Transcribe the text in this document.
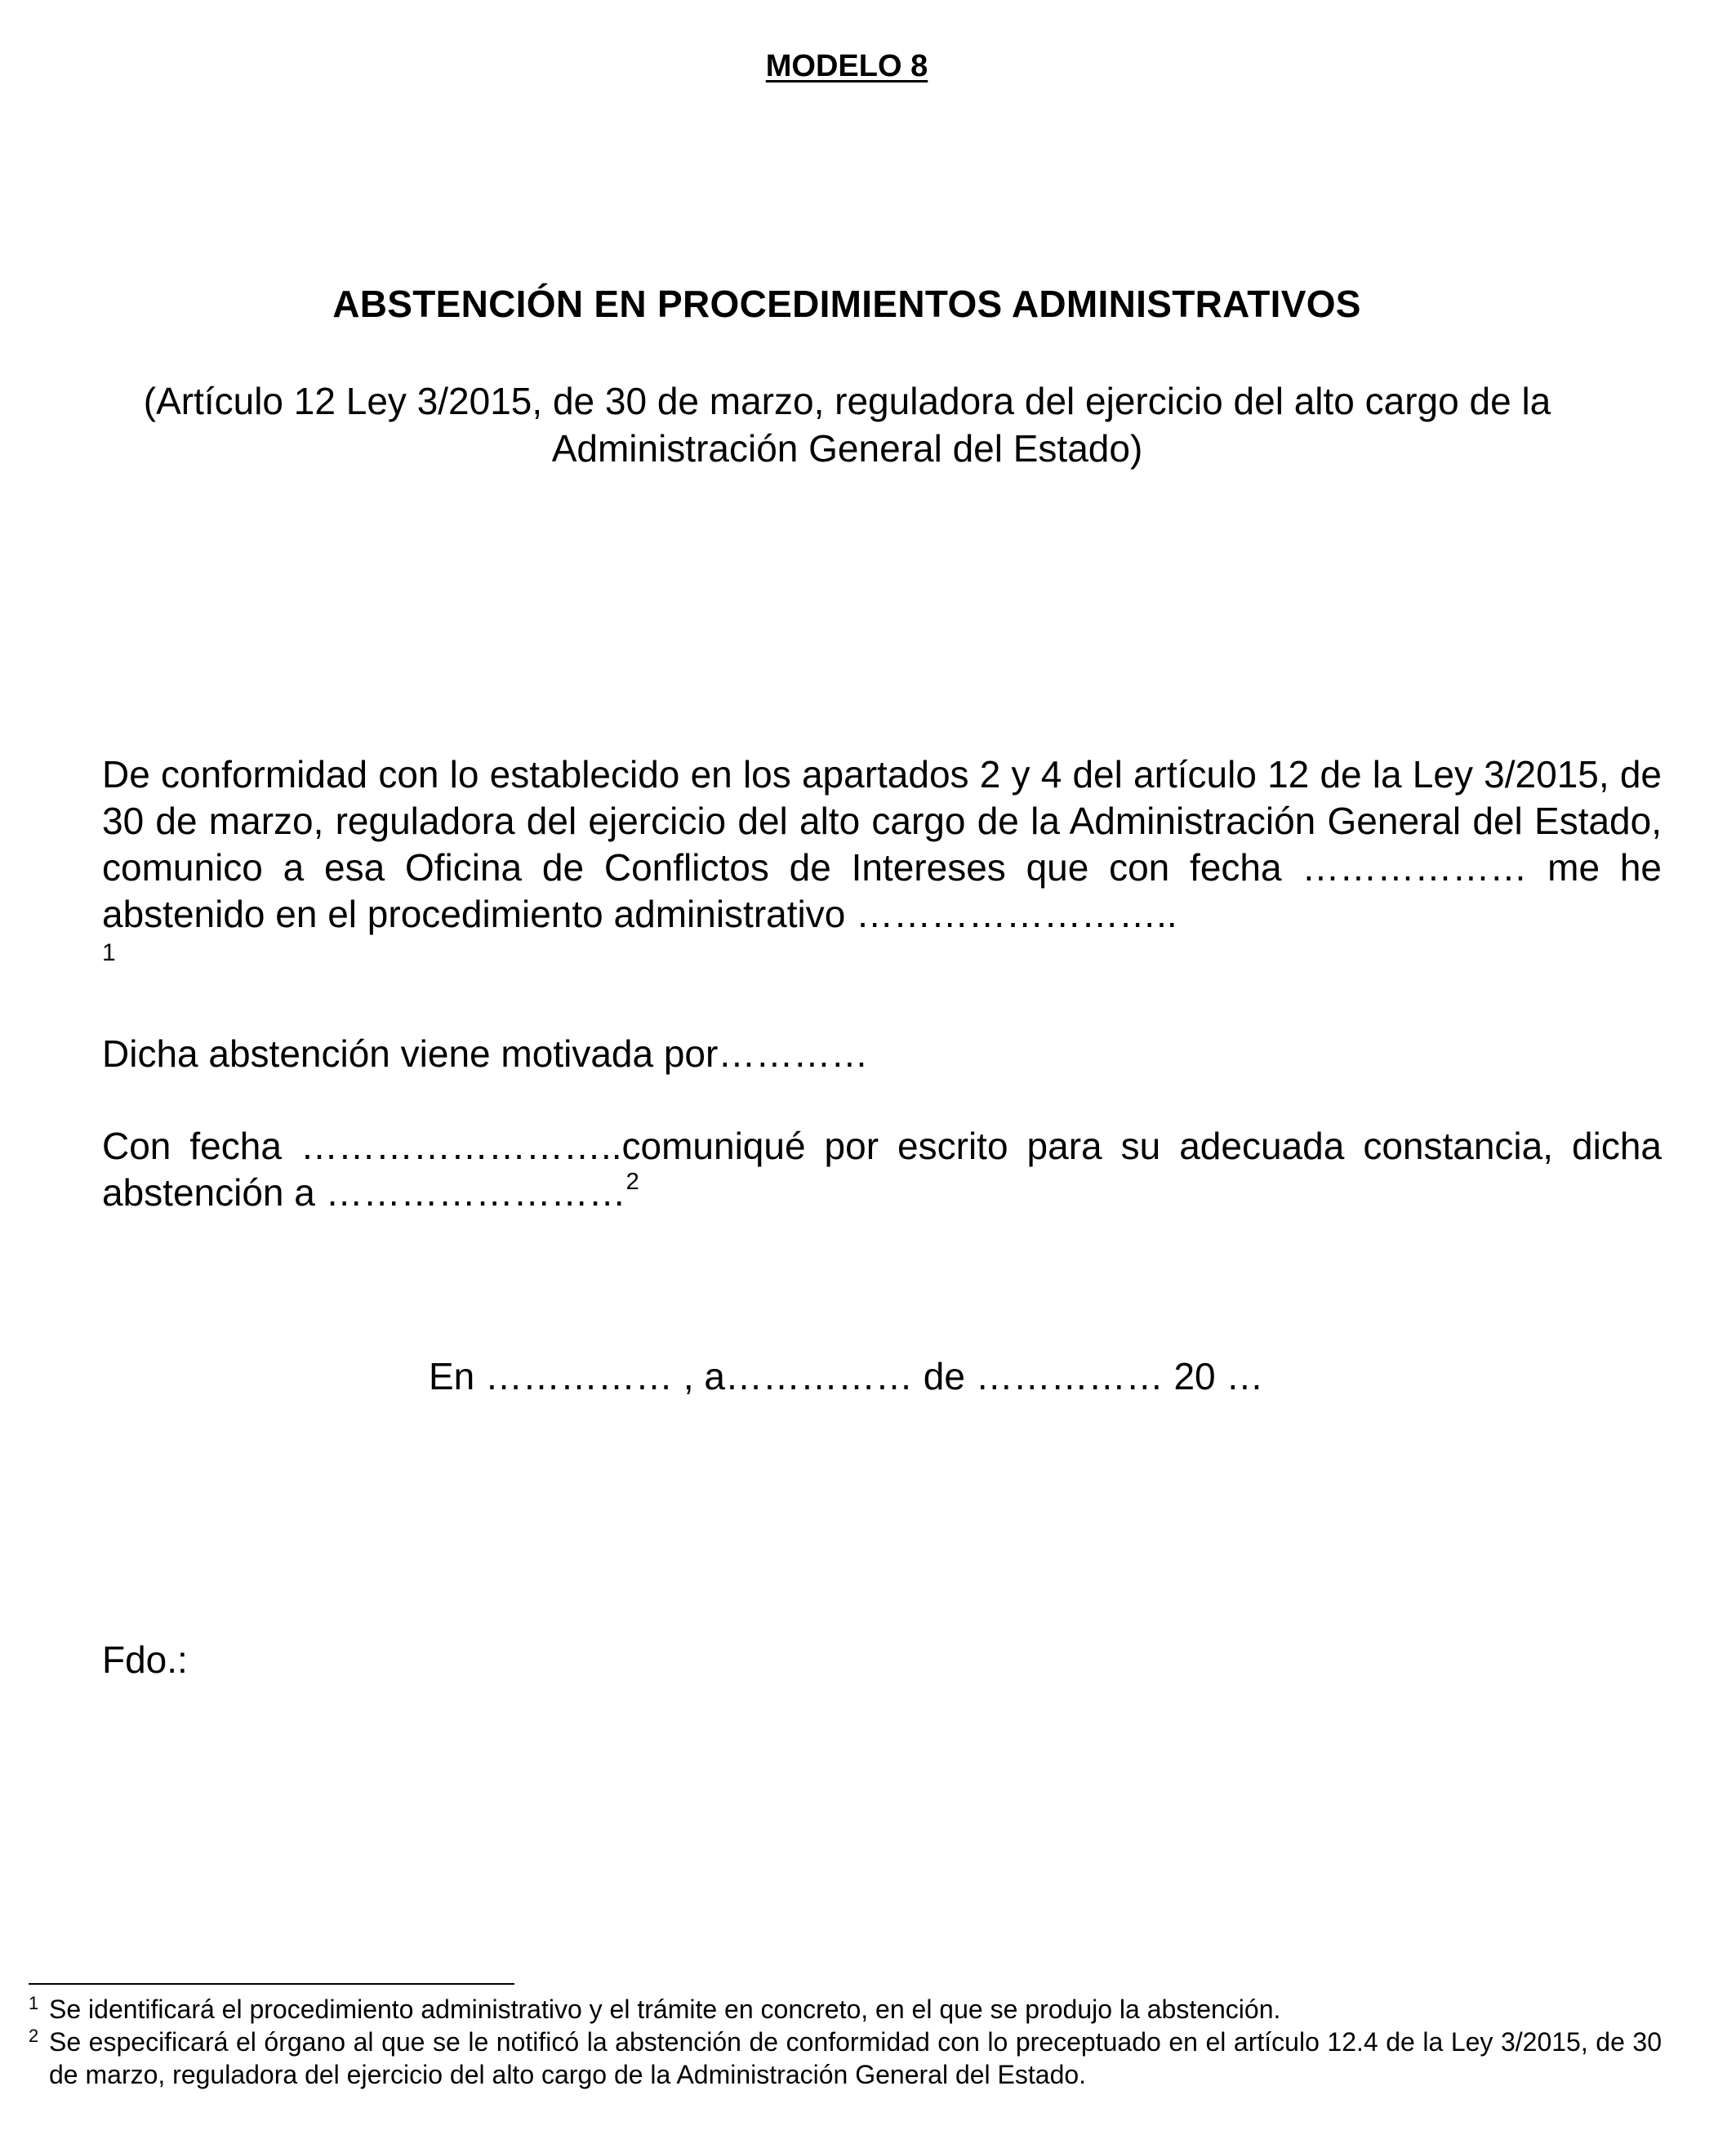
MODELO 8
ABSTENCIÓN EN PROCEDIMIENTOS ADMINISTRATIVOS
(Artículo 12 Ley 3/2015, de 30 de marzo, reguladora del ejercicio del alto cargo de la Administración General del Estado)
De conformidad con lo establecido en los apartados 2 y 4 del artículo 12 de la Ley 3/2015, de 30 de marzo, reguladora del ejercicio del alto cargo de la Administración General del Estado, comunico a esa Oficina de Conflictos de Intereses que con fecha ……………… me he abstenido en el procedimiento administrativo ……………………..
1
Dicha abstención viene motivada por…………
Con fecha ……………………..comuniqué por escrito para su adecuada constancia, dicha abstención a ……………………$^2$
En …………… , a…………… de …………… 20 …
Fdo.:
1 Se identificará el procedimiento administrativo y el trámite en concreto, en el que se produjo la abstención.
2 Se especificará el órgano al que se le notificó la abstención de conformidad con lo preceptuado en el artículo 12.4 de la Ley 3/2015, de 30 de marzo, reguladora del ejercicio del alto cargo de la Administración General del Estado.
